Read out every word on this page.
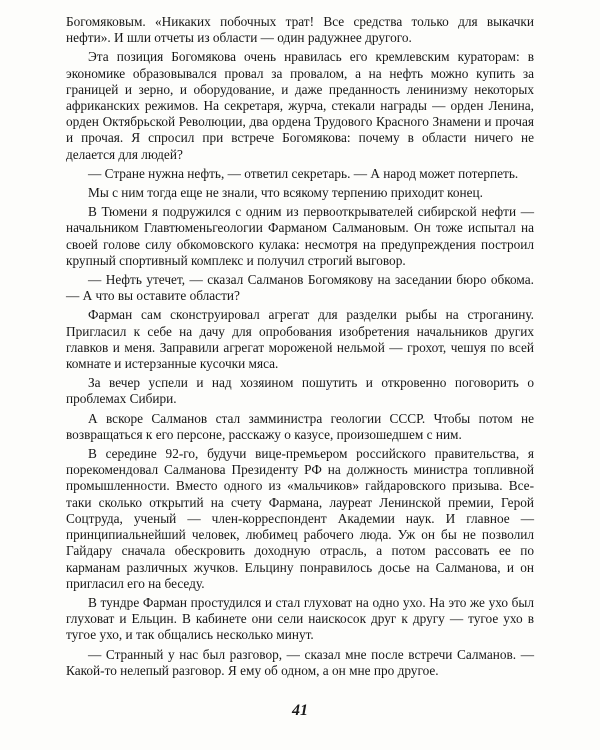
Богомяковым. «Никаких побочных трат! Все средства только для выкачки нефти». И шли отчеты из области — один радужнее другого.

Эта позиция Богомякова очень нравилась его кремлевским кураторам: в экономике образовывался провал за провалом, а на нефть можно купить за границей и зерно, и оборудование, и даже преданность ленинизму некоторых африканских режимов. На секретаря, журча, стекали награды — орден Ленина, орден Октябрьской Революции, два ордена Трудового Красного Знамени и прочая и прочая. Я спросил при встрече Богомякова: почему в области ничего не делается для людей?

— Стране нужна нефть, — ответил секретарь. — А народ может потерпеть.

Мы с ним тогда еще не знали, что всякому терпению приходит конец.

В Тюмени я подружился с одним из первооткрывателей сибирской нефти — начальником Главтюменьгеологии Фарманом Салмановым. Он тоже испытал на своей голове силу обкомовского кулака: несмотря на предупреждения построил крупный спортивный комплекс и получил строгий выговор.

— Нефть утечет, — сказал Салманов Богомякову на заседании бюро обкома. — А что вы оставите области?

Фарман сам сконструировал агрегат для разделки рыбы на строганину. Пригласил к себе на дачу для опробования изобретения начальников других главков и меня. Заправили агрегат мороженой нельмой — грохот, чешуя по всей комнате и истерзанные кусочки мяса.

За вечер успели и над хозяином пошутить и откровенно поговорить о проблемах Сибири.

А вскоре Салманов стал замминистра геологии СССР. Чтобы потом не возвращаться к его персоне, расскажу о казусе, произошедшем с ним.

В середине 92-го, будучи вице-премьером российского правительства, я порекомендовал Салманова Президенту РФ на должность министра топливной промышленности. Вместо одного из «мальчиков» гайдаровского призыва. Все-таки сколько открытий на счету Фармана, лауреат Ленинской премии, Герой Соцтруда, ученый — член-корреспондент Академии наук. И главное — принципиальнейший человек, любимец рабочего люда. Уж он бы не позволил Гайдару сначала обескровить доходную отрасль, а потом рассовать ее по карманам различных жучков. Ельцину понравилось досье на Салманова, и он пригласил его на беседу.

В тундре Фарман простудился и стал глуховат на одно ухо. На это же ухо был глуховат и Ельцин. В кабинете они сели наискосок друг к другу — тугое ухо в тугое ухо, и так общались несколько минут.

— Странный у нас был разговор, — сказал мне после встречи Салманов. — Какой-то нелепый разговор. Я ему об одном, а он мне про другое.

41
